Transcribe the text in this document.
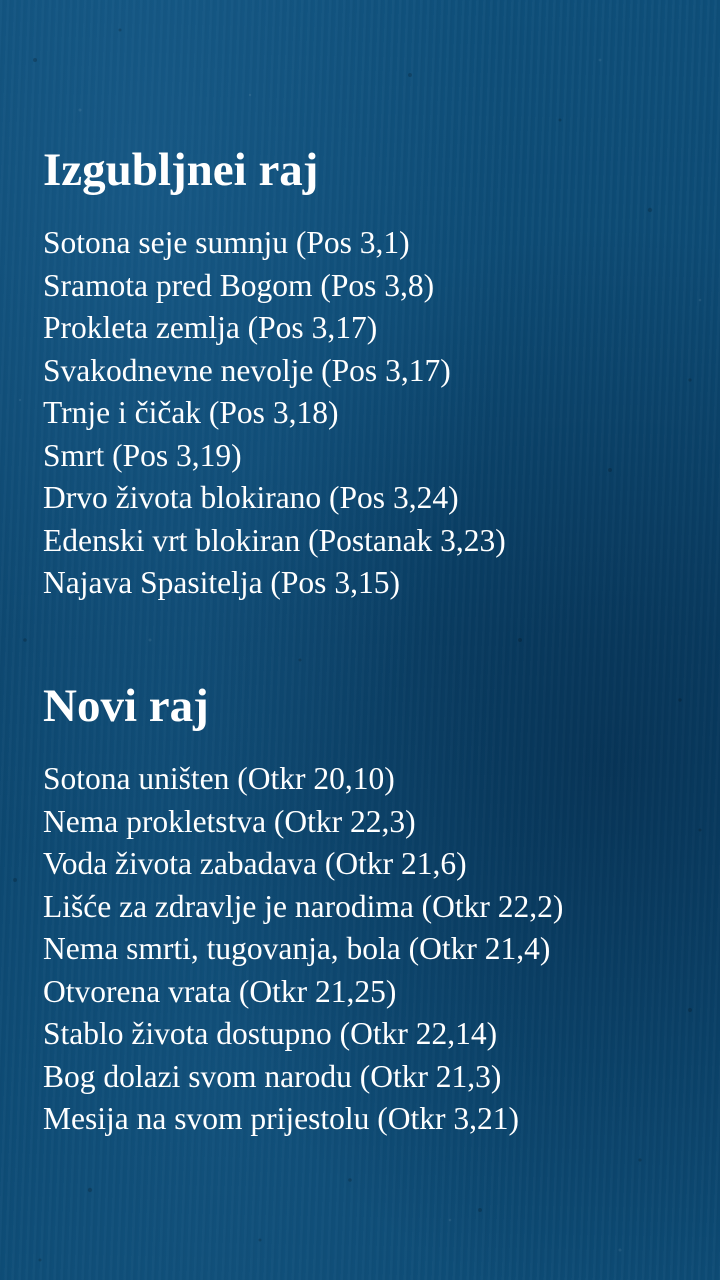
Izgubljnei raj
Sotona seje sumnju (Pos 3,1)
Sramota pred Bogom (Pos 3,8)
Prokleta zemlja (Pos 3,17)
Svakodnevne nevolje (Pos 3,17)
Trnje i čičak (Pos 3,18)
Smrt (Pos 3,19)
Drvo života blokirano (Pos 3,24)
Edenski vrt blokiran (Postanak 3,23)
Najava Spasitelja (Pos 3,15)
Novi raj
Sotona uništen (Otkr 20,10)
Nema prokletstva (Otkr 22,3)
Voda života zabadava (Otkr 21,6)
Lišće za zdravlje je narodima (Otkr 22,2)
Nema smrti, tugovanja, bola (Otkr 21,4)
Otvorena vrata (Otkr 21,25)
Stablo života dostupno (Otkr 22,14)
Bog dolazi svom narodu (Otkr 21,3)
Mesija na svom prijestolu (Otkr 3,21)
